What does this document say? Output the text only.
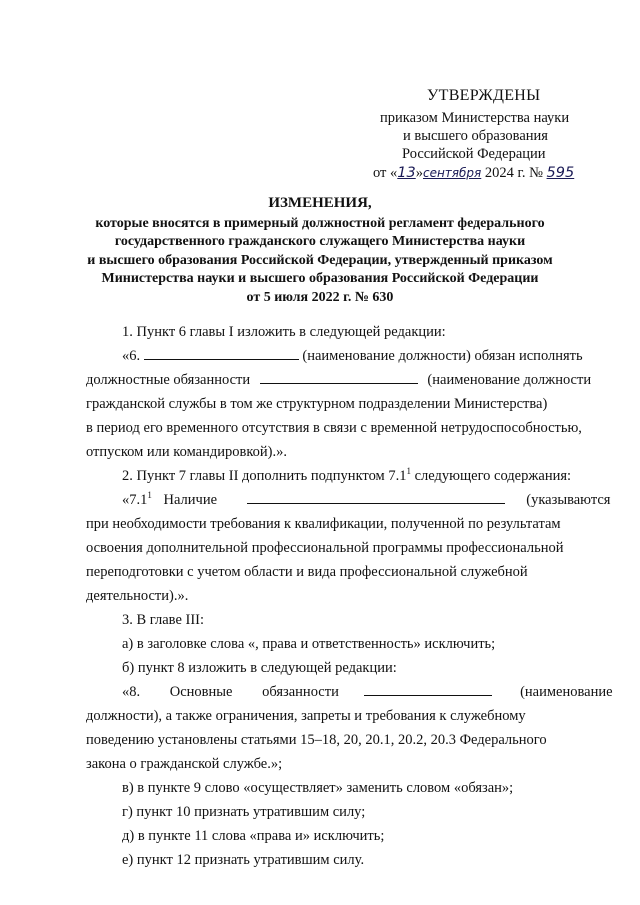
УТВЕРЖДЕНЫ
приказом Министерства науки
и высшего образования
Российской Федерации
от «13»сентября 2024 г. № 595
ИЗМЕНЕНИЯ,
которые вносятся в примерный должностной регламент федерального
государственного гражданского служащего Министерства науки
и высшего образования Российской Федерации, утвержденный приказом
Министерства науки и высшего образования Российской Федерации
от 5 июля 2022 г. № 630
1. Пункт 6 главы I изложить в следующей редакции:
«6.	(наименование должности) обязан исполнять
должностные обязанности	(наименование должности
гражданской службы в том же структурном подразделении Министерства)
в период его временного отсутствия в связи с временной нетрудоспособностью,
отпуском или командировкой).».
2. Пункт 7 главы II дополнить подпунктом $7.1^1$ следующего содержания:
«$7.1^1$ Наличие	(указываются
при необходимости требования к квалификации, полученной по результатам
освоения дополнительной профессиональной программы профессиональной
переподготовки с учетом области и вида профессиональной служебной
деятельности).».
3. В главе III:
а) в заголовке слова «, права и ответственность» исключить;
б) пункт 8 изложить в следующей редакции:
«8. Основные обязанности	(наименование
должности), а также ограничения, запреты и требования к служебному
поведению установлены статьями 15–18, 20, 20.1, 20.2, 20.3 Федерального
закона о гражданской службе.»;
в) в пункте 9 слово «осуществляет» заменить словом «обязан»;
г) пункт 10 признать утратившим силу;
д) в пункте 11 слова «права и» исключить;
е) пункт 12 признать утратившим силу.
